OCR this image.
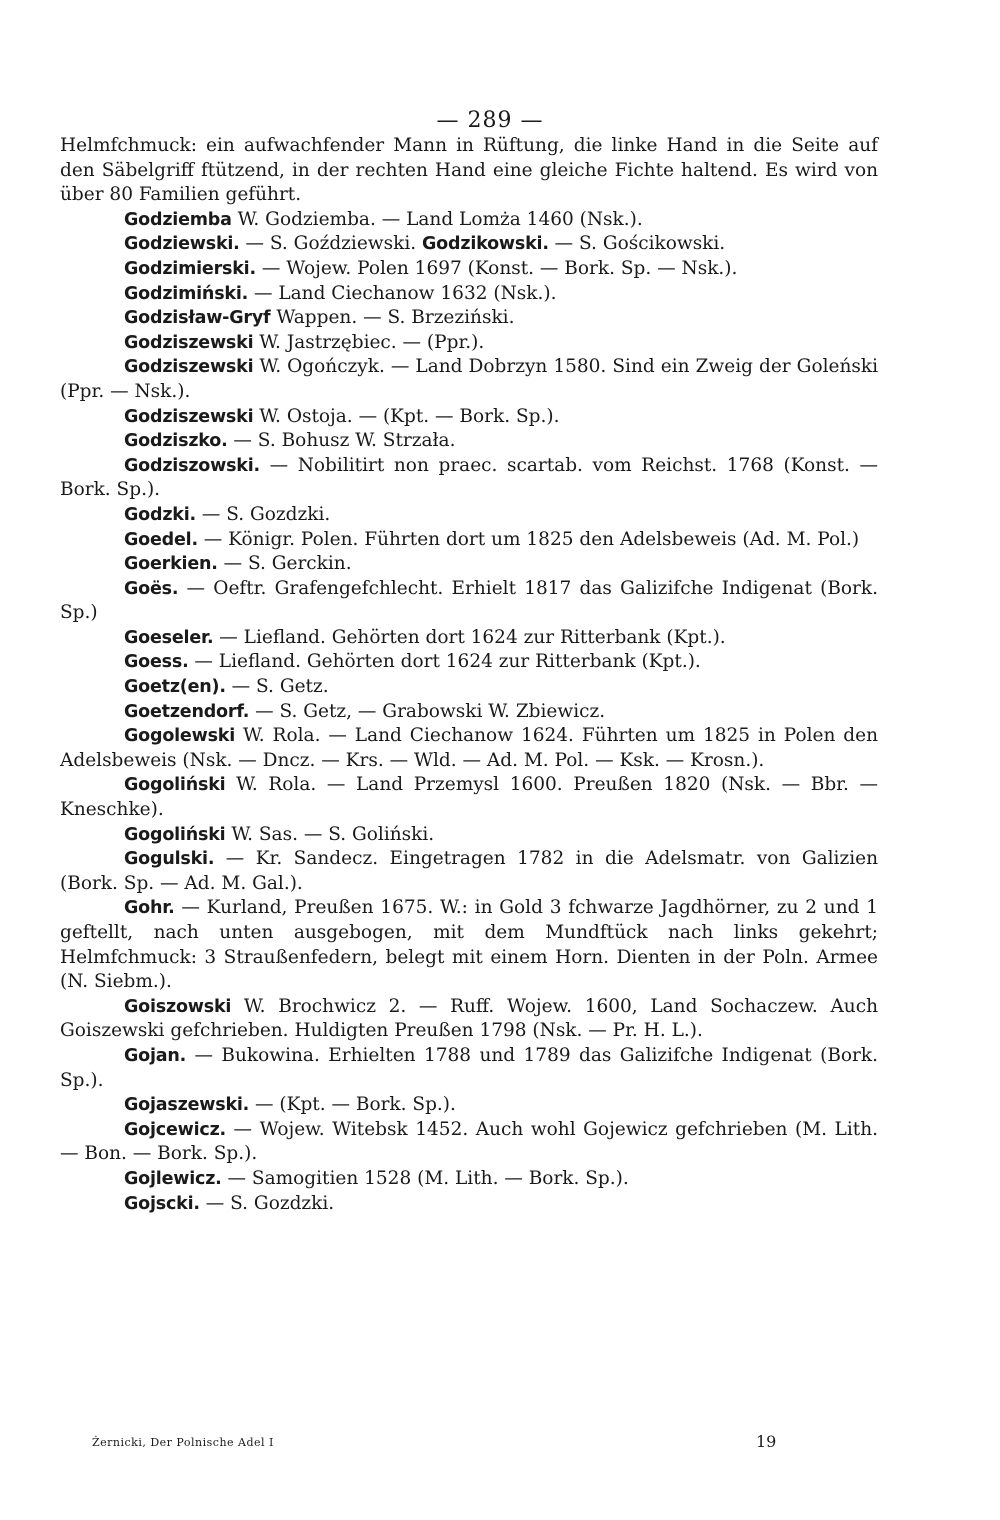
— 289 —

Helmfchmuck: ein aufwachfender Mann in Rüftung, die linke Hand in die Seite auf den Säbelgriff ftützend, in der rechten Hand eine gleiche Fichte haltend. Es wird von über 80 Familien geführt.

Godziemba W. Godziemba. — Land Lomża 1460 (Nsk.).

Godziewski. — S. Goździewski. Godzikowski. — S. Gościkowski.

Godzimierski. — Wojew. Polen 1697 (Konst. — Bork. Sp. — Nsk.).

Godzimiński. — Land Ciechanow 1632 (Nsk.).

Godzisław-Gryf Wappen. — S. Brzeziński.

Godziszewski W. Jastrzębiec. — (Ppr.).

Godziszewski W. Ogończyk. — Land Dobrzyn 1580. Sind ein Zweig der Goleński (Ppr. — Nsk.).

Godziszewski W. Ostoja. — (Kpt. — Bork. Sp.).

Godziszko. — S. Bohusz W. Strzała.

Godziszowski. — Nobilitirt non praec. scartab. vom Reichst. 1768 (Konst. — Bork. Sp.).

Godzki. — S. Gozdzki.

Goedel. — Königr. Polen. Führten dort um 1825 den Adelsbeweis (Ad. M. Pol.)

Goerkien. — S. Gerckin.

Goës. — Oeftr. Grafengefchlecht. Erhielt 1817 das Galizifche Indigenat (Bork. Sp.)

Goeseler. — Liefland. Gehörten dort 1624 zur Ritterbank (Kpt.).

Goess. — Liefland. Gehörten dort 1624 zur Ritterbank (Kpt.).

Goetz(en). — S. Getz.

Goetzendorf. — S. Getz, — Grabowski W. Zbiewicz.

Gogolewski W. Rola. — Land Ciechanow 1624. Führten um 1825 in Polen den Adelsbeweis (Nsk. — Dncz. — Krs. — Wld. — Ad. M. Pol. — Ksk. — Krosn.).

Gogoliński W. Rola. — Land Przemysl 1600. Preußen 1820 (Nsk. — Bbr. — Kneschke).

Gogoliński W. Sas. — S. Goliński.

Gogulski. — Kr. Sandecz. Eingetragen 1782 in die Adelsmatr. von Galizien (Bork. Sp. — Ad. M. Gal.).

Gohr. — Kurland, Preußen 1675. W.: in Gold 3 fchwarze Jagdhörner, zu 2 und 1 geftellt, nach unten ausgebogen, mit dem Mundftück nach links gekehrt; Helmfchmuck: 3 Straußenfedern, belegt mit einem Horn. Dienten in der Poln. Armee (N. Siebm.).

Goiszowski W. Brochwicz 2. — Ruff. Wojew. 1600, Land Sochaczew. Auch Goiszewski gefchrieben. Huldigten Preußen 1798 (Nsk. — Pr. H. L.).

Gojan. — Bukowina. Erhielten 1788 und 1789 das Galizifche Indigenat (Bork. Sp.).

Gojaszewski. — (Kpt. — Bork. Sp.).

Gojcewicz. — Wojew. Witebsk 1452. Auch wohl Gojewicz gefchrieben (M. Lith. — Bon. — Bork. Sp.).

Gojlewicz. — Samogitien 1528 (M. Lith. — Bork. Sp.).

Gojscki. — S. Gozdzki.

Żernicki, Der Polnische Adel I	19
